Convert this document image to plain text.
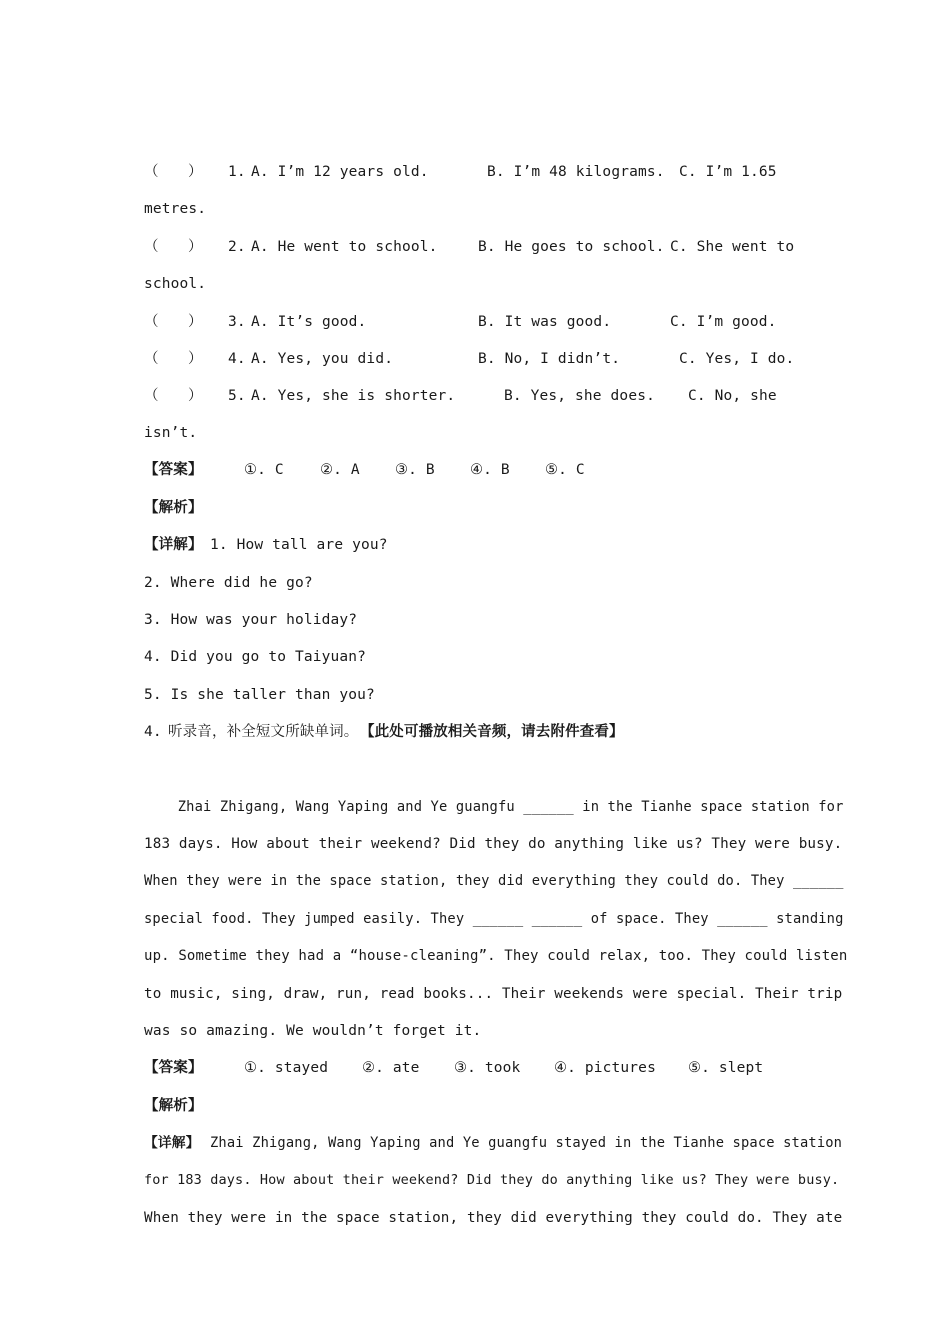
（　　）

1.

A. I’m 12 years old.

	B. I’m 48 kilograms.

C. I’m 1.65

metres.

（　　）

2.

A. He went to school.

	B. He goes to school.

C. She went to

school.

（　　）

3.

A. It’s good.

	B. It was good.

	C. I’m good.

（　　）

4.

A. Yes, you did.

	B. No, I didn’t.

	C. Yes, I do.

（　　）

5.

A. Yes, she is shorter.

	B. Yes, she does.

C. No, she

isn’t.

【答案】

	①. C

②. A

③. B

④. B

⑤. C

【解析】

【详解】

1. How tall are you?

2. Where did he go?
3. How was your holiday?
4. Did you go to Taiyuan?
5. Is she taller than you?

4.

听录音，补全短文所缺单词。

【此处可播放相关音频，请去附件查看】

Zhai Zhigang, Wang Yaping and Ye guangfu ______ in the Tianhe space station for
183 days. How about their weekend? Did they do anything like us? They were busy.
When they were in the space station, they did everything they could do. They ______
special food. They jumped easily. They ______ ______ of space. They ______ standing
up. Sometime they had a “house-cleaning”. They could relax, too. They could listen
to music, sing, draw, run, read books... Their weekends were special. Their trip
was so amazing. We wouldn’t forget it.

【答案】

	①. stayed

②. ate

③. took

④. pictures

⑤. slept

【解析】

【详解】

Zhai Zhigang, Wang Yaping and Ye guangfu stayed in the Tianhe space station

for 183 days. How about their weekend? Did they do anything like us? They were busy.
When they were in the space station, they did everything they could do. They ate
